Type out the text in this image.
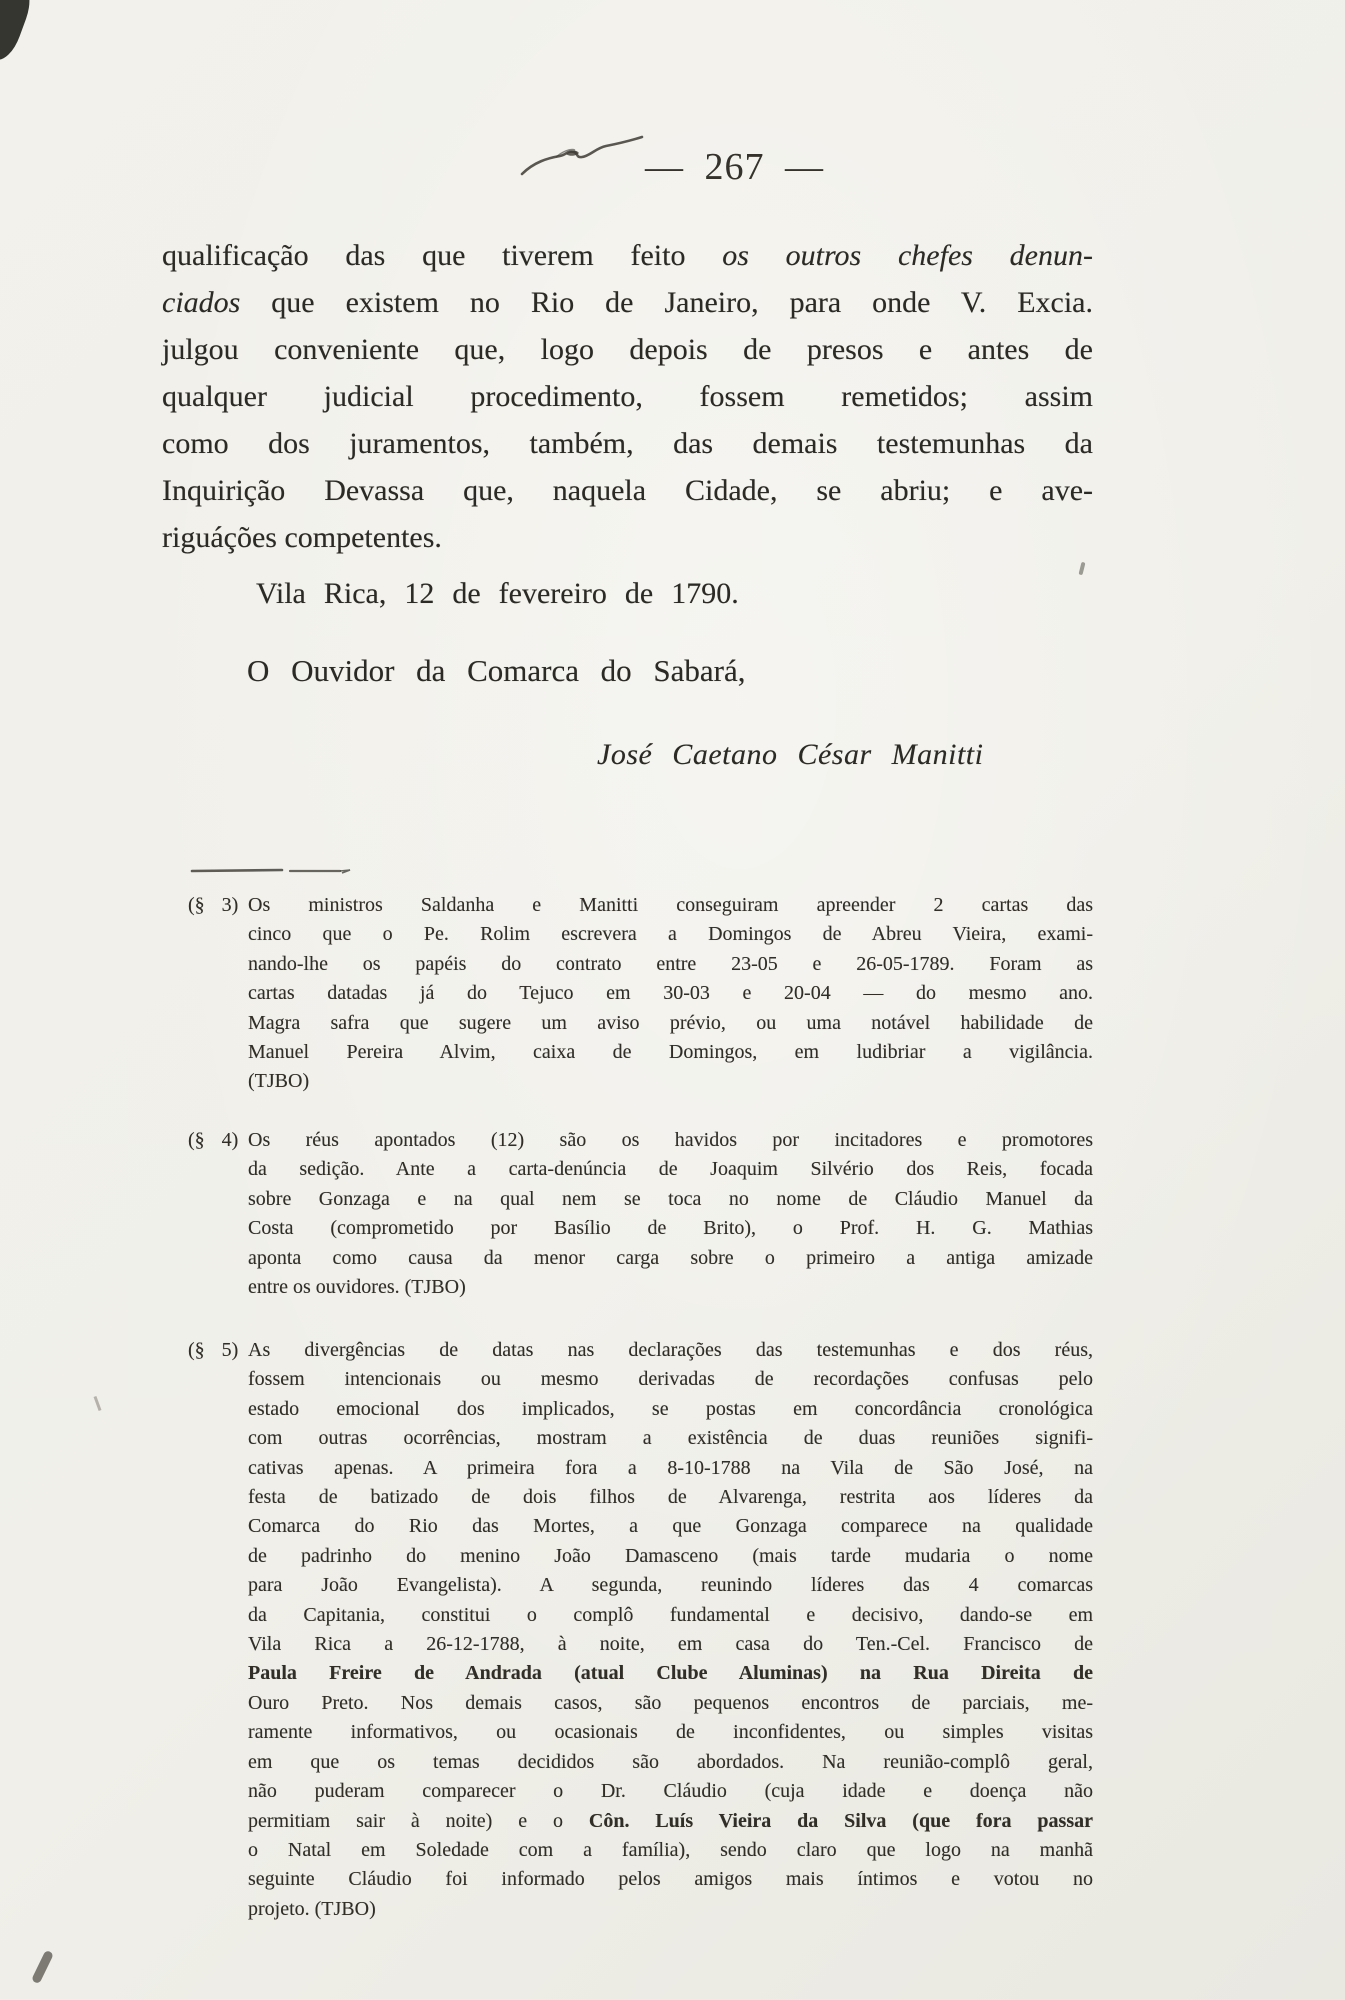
— 267 —
qualificação das que tiverem feito os outros chefes denun-
ciados que existem no Rio de Janeiro, para onde V. Excia.
julgou conveniente que, logo depois de presos e antes de
qualquer judicial procedimento, fossem remetidos; assim
como dos juramentos, também, das demais testemunhas da
Inquirição Devassa que, naquela Cidade, se abriu; e ave-
riguáções competentes.
Vila Rica, 12 de fevereiro de 1790.
O Ouvidor da Comarca do Sabará,
José Caetano César Manitti
(§ 3) Os ministros Saldanha e Manitti conseguiram apreender 2 cartas das
cinco que o Pe. Rolim escrevera a Domingos de Abreu Vieira, exami-
nando-lhe os papéis do contrato entre 23-05 e 26-05-1789. Foram as
cartas datadas já do Tejuco em 30-03 e 20-04 — do mesmo ano.
Magra safra que sugere um aviso prévio, ou uma notável habilidade de
Manuel Pereira Alvim, caixa de Domingos, em ludibriar a vigilância.
(TJBO)
(§ 4) Os réus apontados (12) são os havidos por incitadores e promotores
da sedição. Ante a carta-denúncia de Joaquim Silvério dos Reis, focada
sobre Gonzaga e na qual nem se toca no nome de Cláudio Manuel da
Costa (comprometido por Basílio de Brito), o Prof. H. G. Mathias
aponta como causa da menor carga sobre o primeiro a antiga amizade
entre os ouvidores. (TJBO)
(§ 5) As divergências de datas nas declarações das testemunhas e dos réus,
fossem intencionais ou mesmo derivadas de recordações confusas pelo
estado emocional dos implicados, se postas em concordância cronológica
com outras ocorrências, mostram a existência de duas reuniões signifi-
cativas apenas. A primeira fora a 8-10-1788 na Vila de São José, na
festa de batizado de dois filhos de Alvarenga, restrita aos líderes da
Comarca do Rio das Mortes, a que Gonzaga comparece na qualidade
de padrinho do menino João Damasceno (mais tarde mudaria o nome
para João Evangelista). A segunda, reunindo líderes das 4 comarcas
da Capitania, constitui o complô fundamental e decisivo, dando-se em
Vila Rica a 26-12-1788, à noite, em casa do Ten.-Cel. Francisco de
Paula Freire de Andrada (atual Clube Aluminas) na Rua Direita de
Ouro Preto. Nos demais casos, são pequenos encontros de parciais, me-
ramente informativos, ou ocasionais de inconfidentes, ou simples visitas
em que os temas decididos são abordados. Na reunião-complô geral,
não puderam comparecer o Dr. Cláudio (cuja idade e doença não
permitiam sair à noite) e o Côn. Luís Vieira da Silva (que fora passar
o Natal em Soledade com a família), sendo claro que logo na manhã
seguinte Cláudio foi informado pelos amigos mais íntimos e votou no
projeto. (TJBO)
